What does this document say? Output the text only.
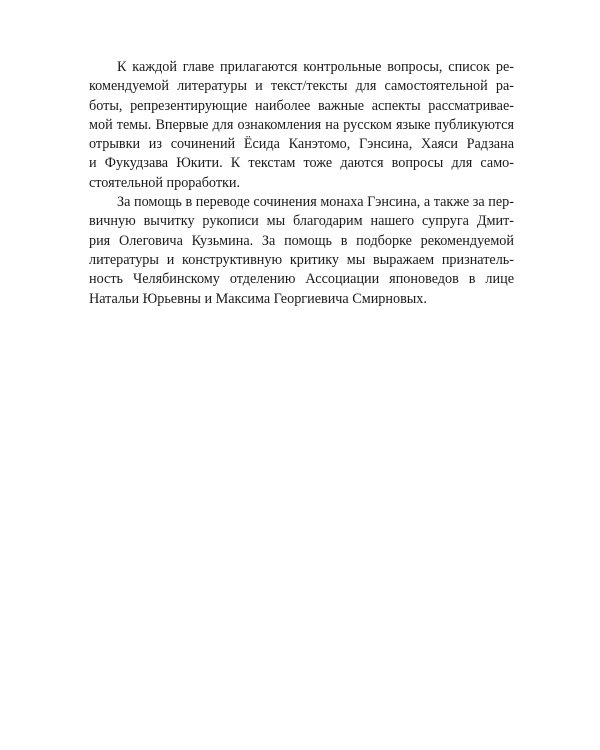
К каждой главе прилагаются контрольные вопросы, список ре-
комендуемой литературы и текст/тексты для самостоятельной ра-
боты, репрезентирующие наиболее важные аспекты рассматривае-
мой темы. Впервые для ознакомления на русском языке публикуются
отрывки из сочинений Ёсида Канэтомо, Гэнсина, Хаяси Радзана
и Фукудзава Юкити. К текстам тоже даются вопросы для само-
стоятельной проработки.
За помощь в переводе сочинения монаха Гэнсина, а также за пер-
вичную вычитку рукописи мы благодарим нашего супруга Дмит-
рия Олеговича Кузьмина. За помощь в подборке рекомендуемой
литературы и конструктивную критику мы выражаем признатель-
ность Челябинскому отделению Ассоциации японоведов в лице
Натальи Юрьевны и Максима Георгиевича Смирновых.
